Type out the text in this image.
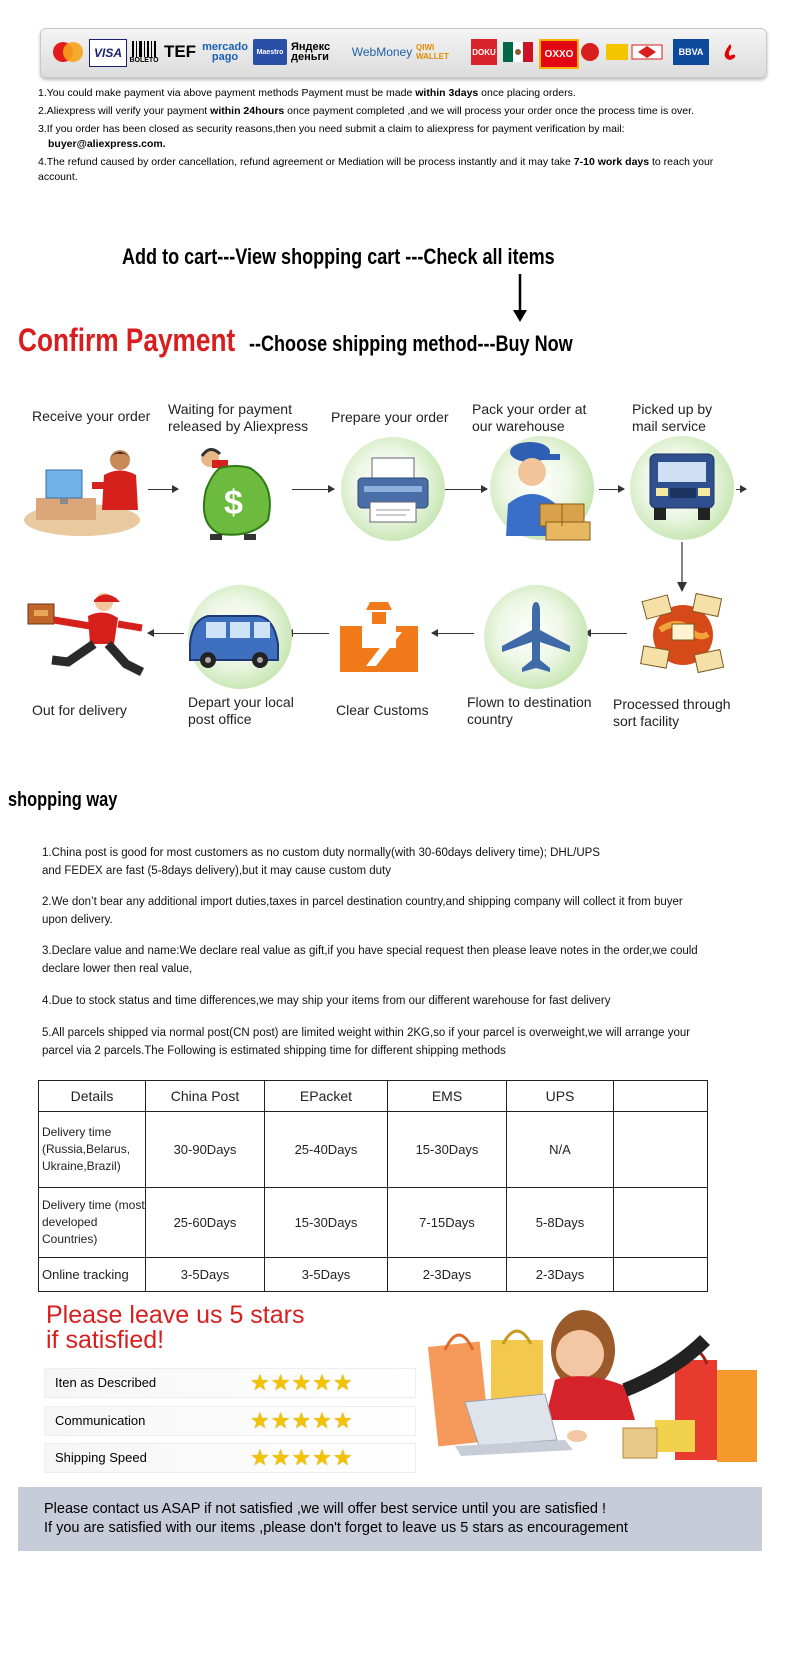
VISA	BOLETO TEF mercado pago	Maestro Яндекс деньги	WebMoney QIWI WALLET	DOKU	OXXO	BBVA
1.You could make payment via above payment methods Payment must be made within 3days once placing orders.
2.Aliexpress will verify your payment within 24hours once payment completed ,and we will process your order once the process time is over.
3.If you order has been closed as security reasons,then you need submit a claim to aliexpress for payment verification by mail:
buyer@aliexpress.com.
4.The refund caused by order cancellation, refund agreement or Mediation will be process instantly and it may take 7-10 work days to reach your account.
Add to cart---View shopping cart ---Check all items
Confirm Payment --Choose shipping method---Buy Now
Receive your order	Waiting for payment released by Aliexpress
Prepare your order	Pack your order at our warehouse
Picked up by mail service
$
Processed through sort facility
Flown to destination country
Clear Customs
Depart your local post office
Out for delivery
shopping way
1.China post is good for most customers as no custom duty normally(with 30-60days delivery time); DHL/UPS and FEDEX are fast (5-8days delivery),but it may cause custom duty
2.We don’t bear any additional import duties,taxes in parcel destination country,and shipping company will collect it from buyer upon delivery.
3.Declare value and name:We declare real value as gift,if you have special request then please leave notes in the order,we could declare lower then real value,
4.Due to stock status and time differences,we may ship your items from our different warehouse for fast delivery
5.All parcels shipped via normal post(CN post) are limited weight within 2KG,so if your parcel is overweight,we will arrange your parcel via 2 parcels.The Following is estimated shipping time for different shipping methods
Details	China Post	EPacket	EMS	UPS	
Delivery time (Russia,Belarus, Ukraine,Brazil)	30-90Days	25-40Days	15-30Days	N/A	
Delivery time (most developed Countries)	25-60Days	15-30Days	7-15Days	5-8Days	
Online tracking	3-5Days	3-5Days	2-3Days	2-3Days	
Please leave us 5 stars
if satisfied!
Iten as Described	★★★★★
Communication	★★★★★
Shipping Speed	★★★★★
Please contact us ASAP if not satisfied ,we will offer best service until you are satisfied !
If you are satisfied with our items ,please don't forget to leave us 5 stars as encouragement
